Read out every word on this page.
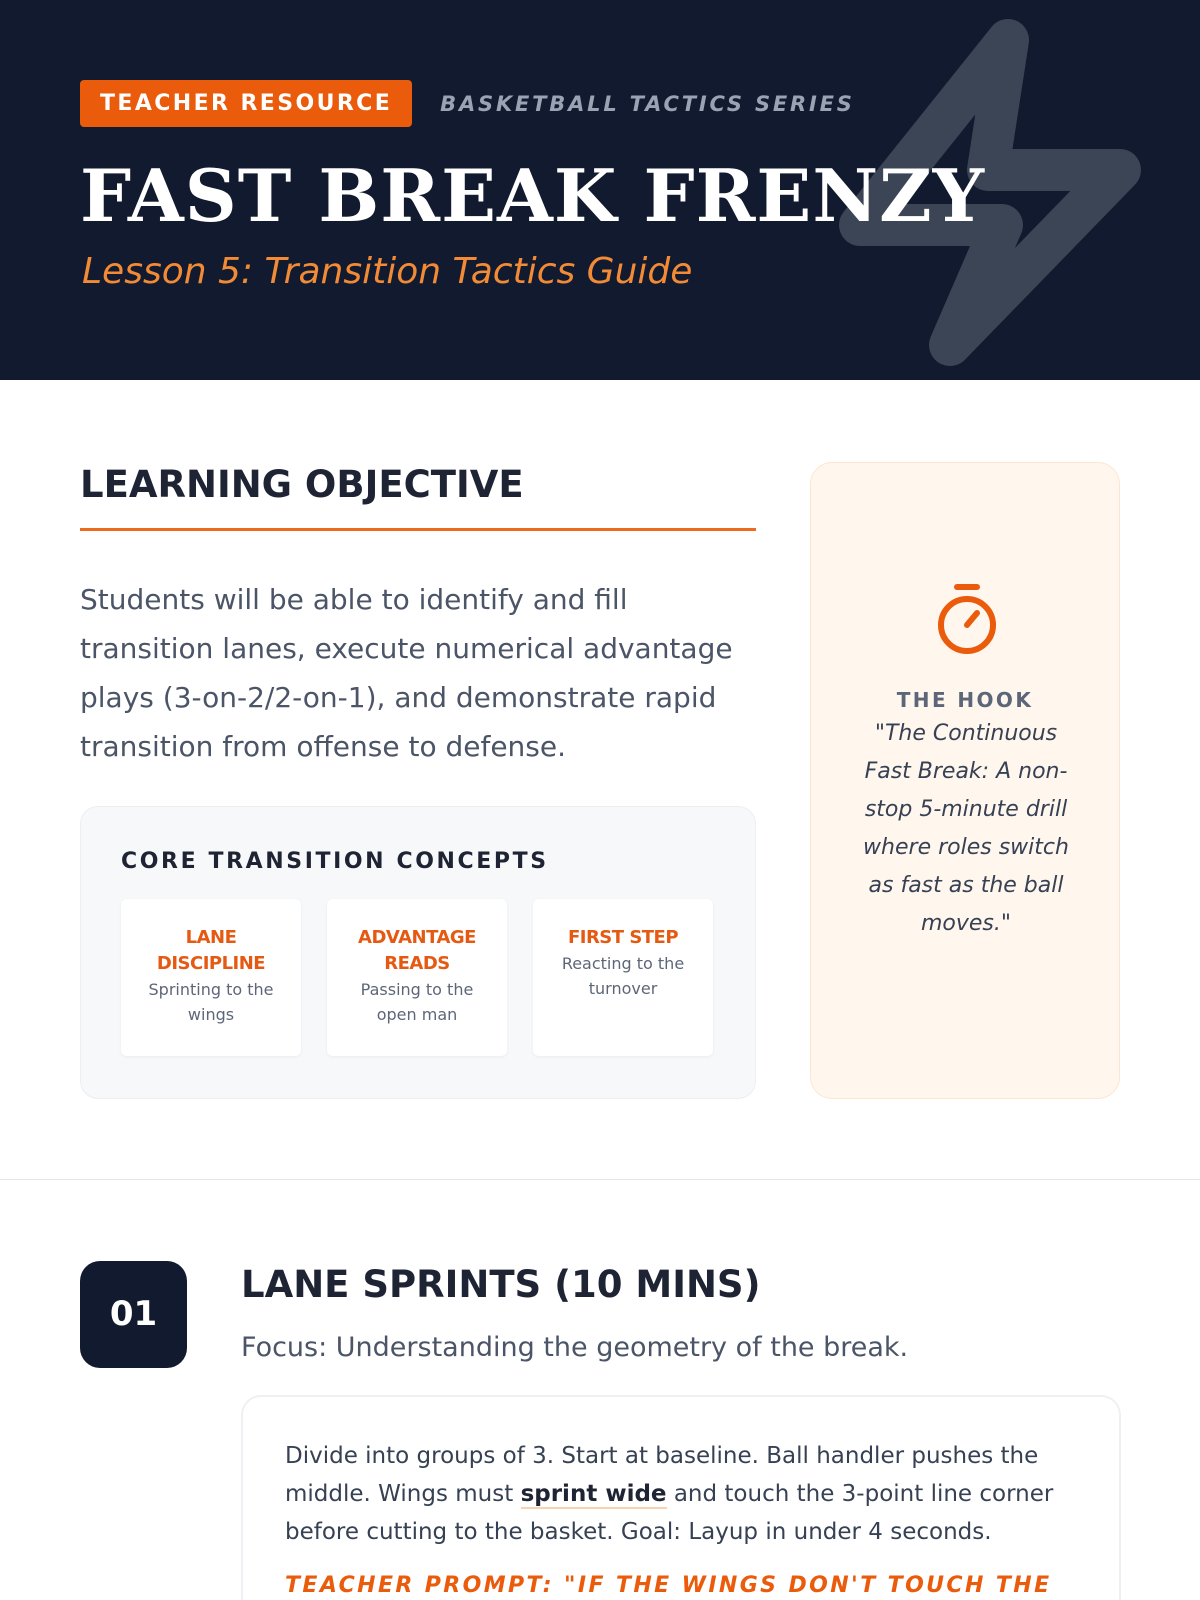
TEACHER RESOURCE	BASKETBALL TACTICS SERIES
FAST BREAK FRENZY
Lesson 5: Transition Tactics Guide
LEARNING OBJECTIVE
Students will be able to identify and fill transition lanes, execute numerical advantage plays (3-on-2/2-on-1), and demonstrate rapid transition from offense to defense.
CORE TRANSITION CONCEPTS
LANE DISCIPLINE
Sprinting to the wings
ADVANTAGE READS
Passing to the open man
FIRST STEP
Reacting to the turnover
THE HOOK
"The Continuous Fast Break: A non-stop 5-minute drill where roles switch as fast as the ball moves."
01
LANE SPRINTS (10 MINS)
Focus: Understanding the geometry of the break.
Divide into groups of 3. Start at baseline. Ball handler pushes the middle. Wings must sprint wide and touch the 3-point line corner before cutting to the basket. Goal: Layup in under 4 seconds.
TEACHER PROMPT: "IF THE WINGS DON'T TOUCH THE
